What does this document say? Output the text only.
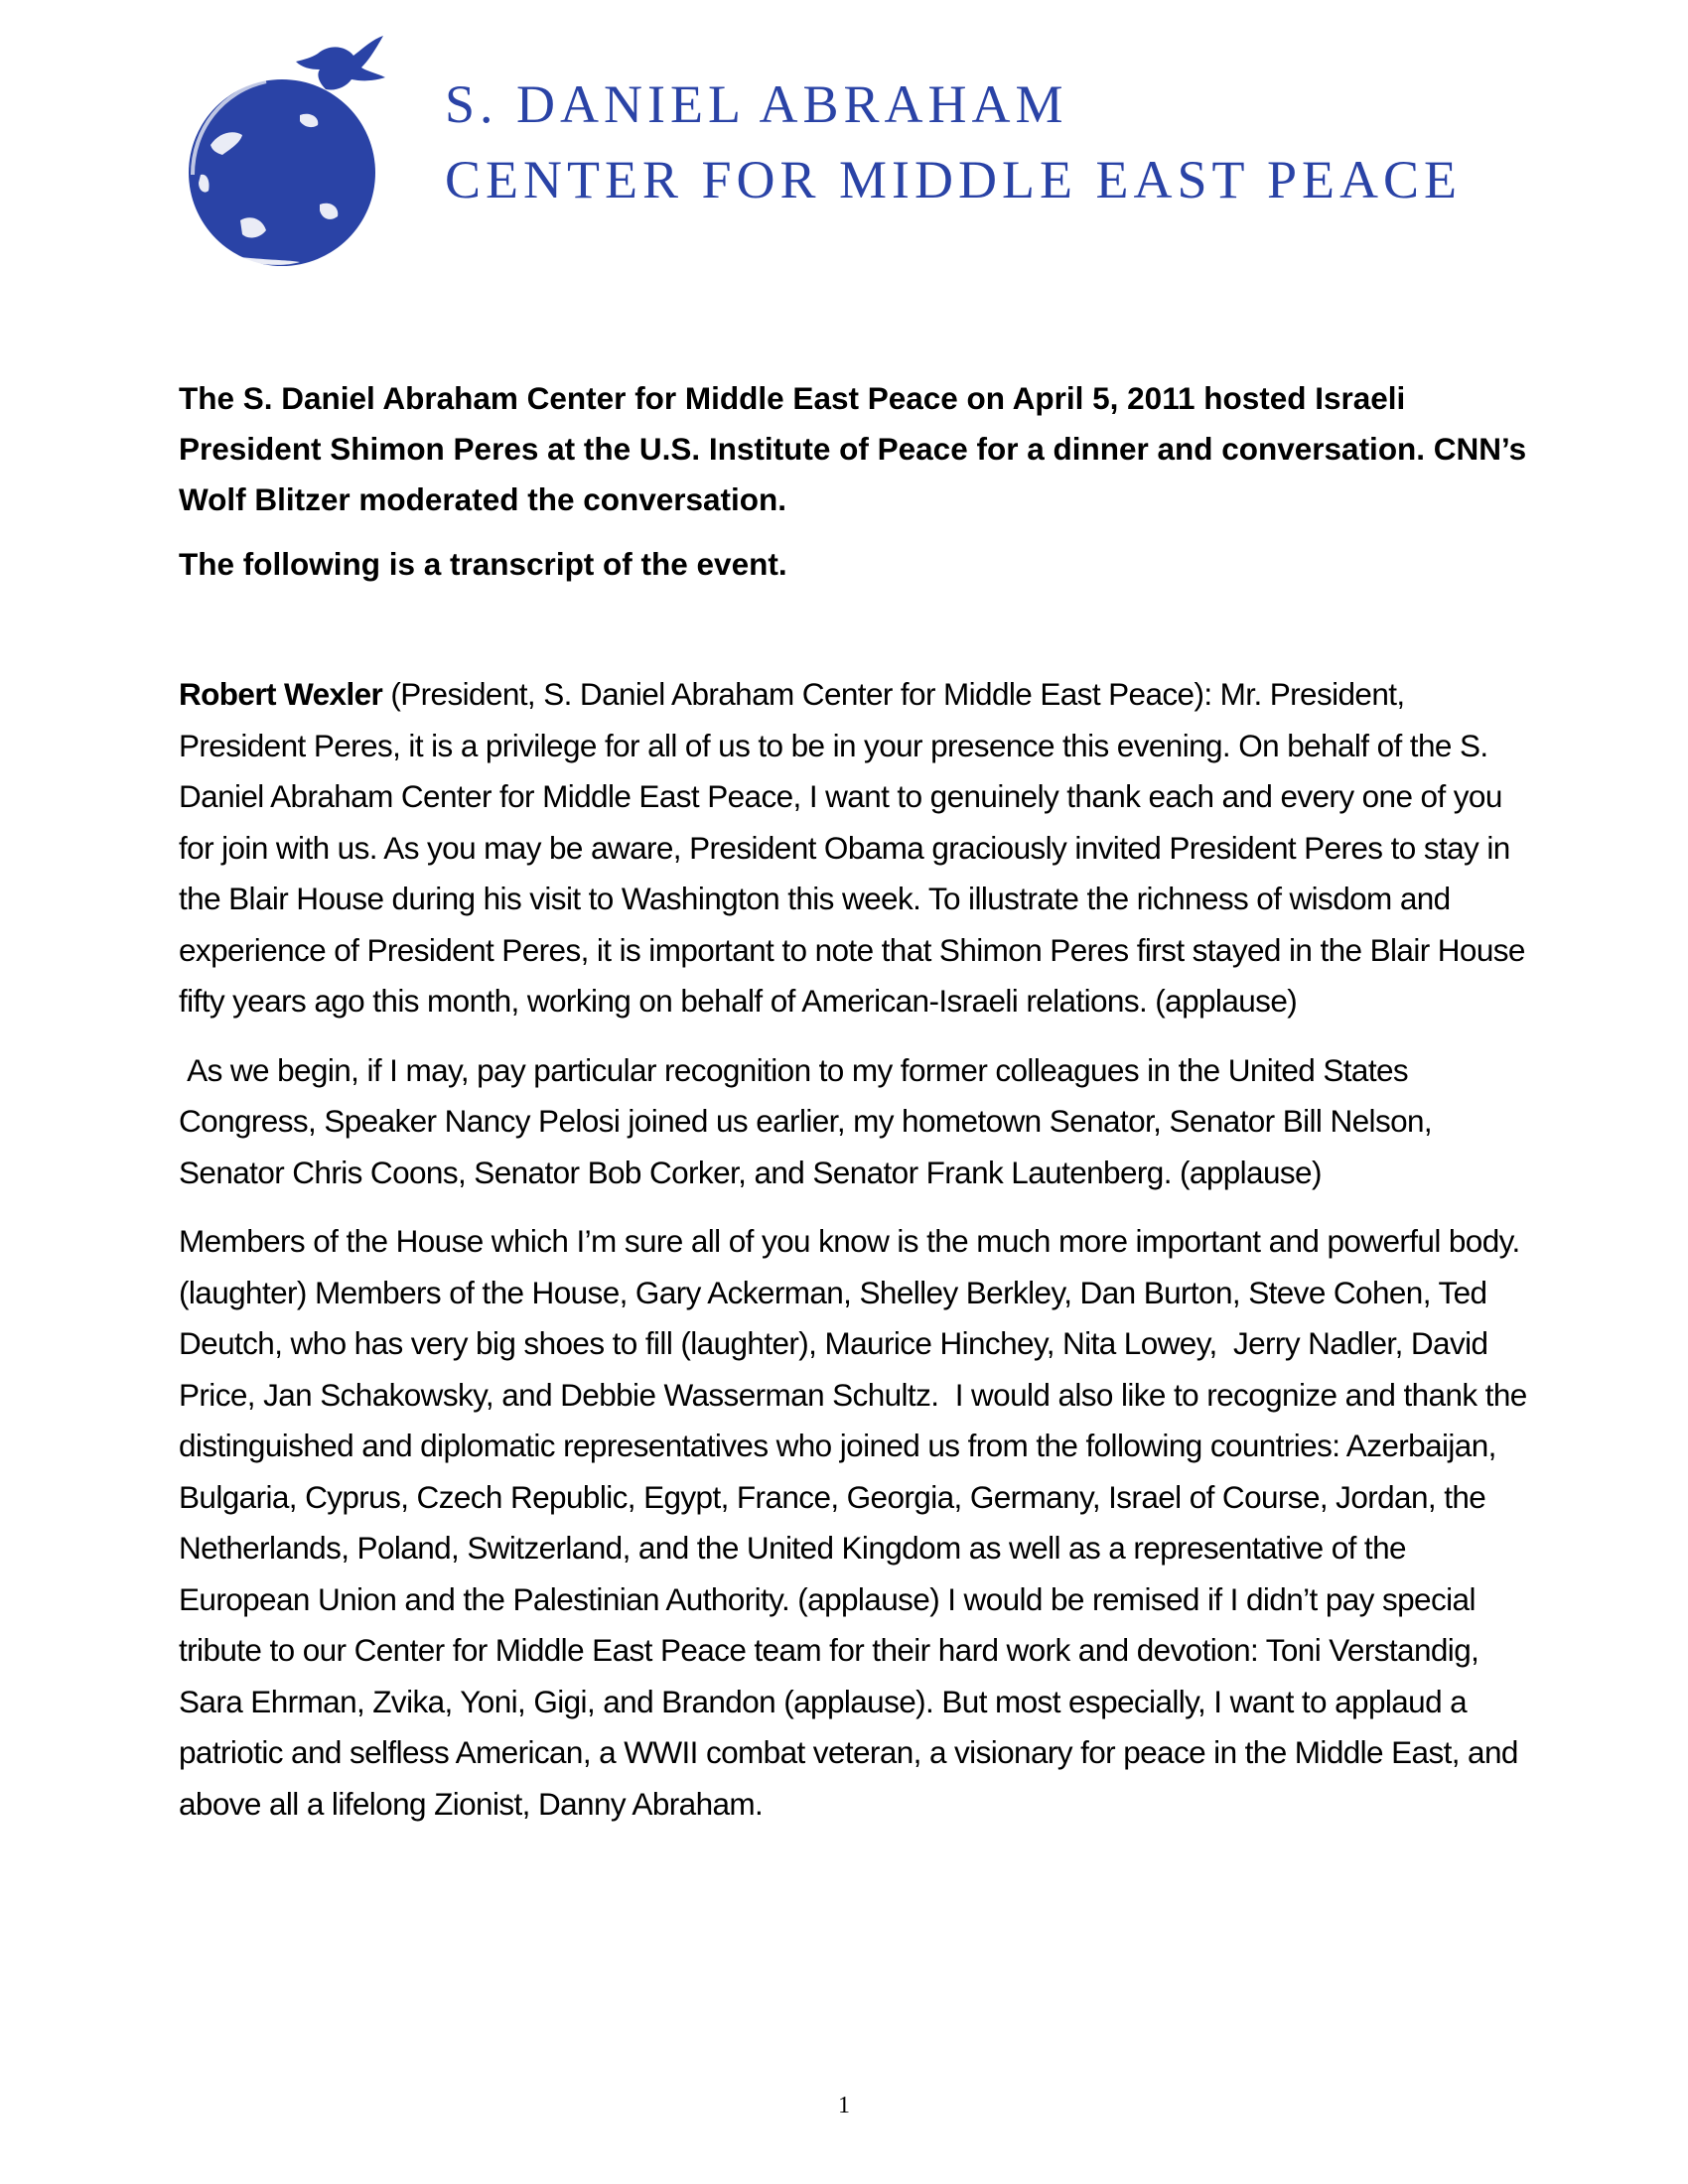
S. DANIEL ABRAHAM
CENTER FOR MIDDLE EAST PEACE

The S. Daniel Abraham Center for Middle East Peace on April 5, 2011 hosted Israeli President Shimon Peres at the U.S. Institute of Peace for a dinner and conversation. CNN’s Wolf Blitzer moderated the conversation.

The following is a transcript of the event.

Robert Wexler (President, S. Daniel Abraham Center for Middle East Peace): Mr. President, President Peres, it is a privilege for all of us to be in your presence this evening. On behalf of the S. Daniel Abraham Center for Middle East Peace, I want to genuinely thank each and every one of you for join with us. As you may be aware, President Obama graciously invited President Peres to stay in the Blair House during his visit to Washington this week. To illustrate the richness of wisdom and experience of President Peres, it is important to note that Shimon Peres first stayed in the Blair House fifty years ago this month, working on behalf of American-Israeli relations. (applause)

As we begin, if I may, pay particular recognition to my former colleagues in the United States Congress, Speaker Nancy Pelosi joined us earlier, my hometown Senator, Senator Bill Nelson, Senator Chris Coons, Senator Bob Corker, and Senator Frank Lautenberg. (applause)

Members of the House which I’m sure all of you know is the much more important and powerful body. (laughter) Members of the House, Gary Ackerman, Shelley Berkley, Dan Burton, Steve Cohen, Ted Deutch, who has very big shoes to fill (laughter), Maurice Hinchey, Nita Lowey,  Jerry Nadler, David Price, Jan Schakowsky, and Debbie Wasserman Schultz.  I would also like to recognize and thank the distinguished and diplomatic representatives who joined us from the following countries: Azerbaijan, Bulgaria, Cyprus, Czech Republic, Egypt, France, Georgia, Germany, Israel of Course, Jordan, the Netherlands, Poland, Switzerland, and the United Kingdom as well as a representative of the European Union and the Palestinian Authority. (applause) I would be remised if I didn’t pay special tribute to our Center for Middle East Peace team for their hard work and devotion: Toni Verstandig, Sara Ehrman, Zvika, Yoni, Gigi, and Brandon (applause). But most especially, I want to applaud a patriotic and selfless American, a WWII combat veteran, a visionary for peace in the Middle East, and above all a lifelong Zionist, Danny Abraham.

1
